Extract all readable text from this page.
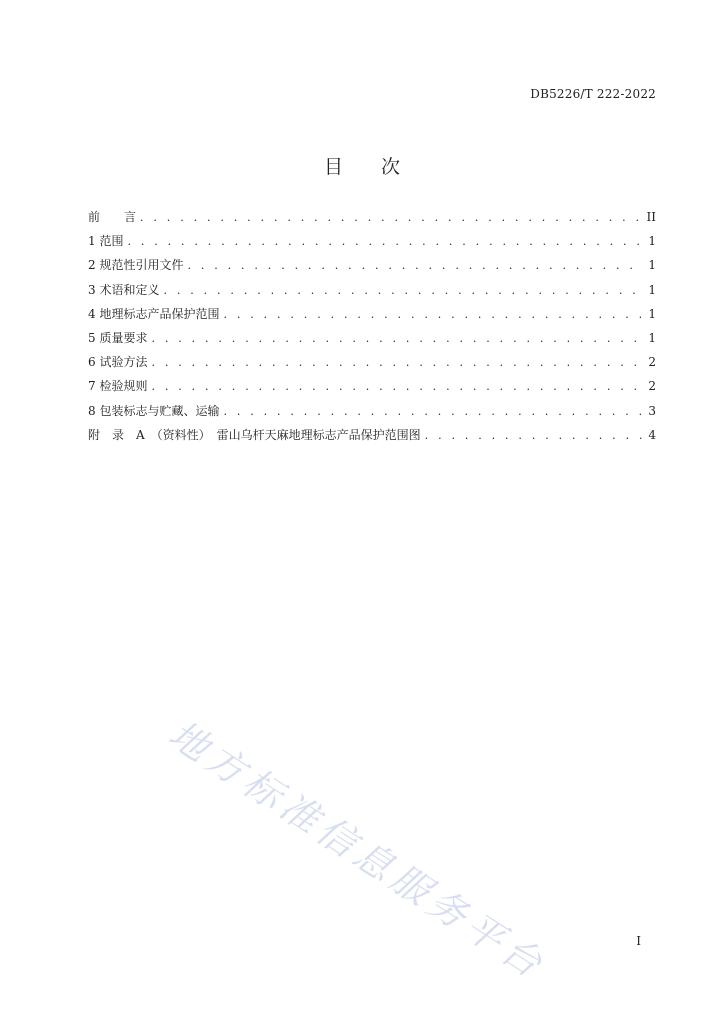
DB5226/T 222-2022
目次
前　　言 . . .	II
1 范围 . . .	1
2 规范性引用文件 . . .	1
3 术语和定义 . . .	1
4 地理标志产品保护范围 . . .	1
5 质量要求 . . .	1
6 试验方法 . . .	2
7 检验规则 . . .	2
8 包装标志与贮藏、运输 . . .	3
附　录　A　（资料性）　雷山乌杆天麻地理标志产品保护范围图 . . .	4
地方标准信息服务平台	I
